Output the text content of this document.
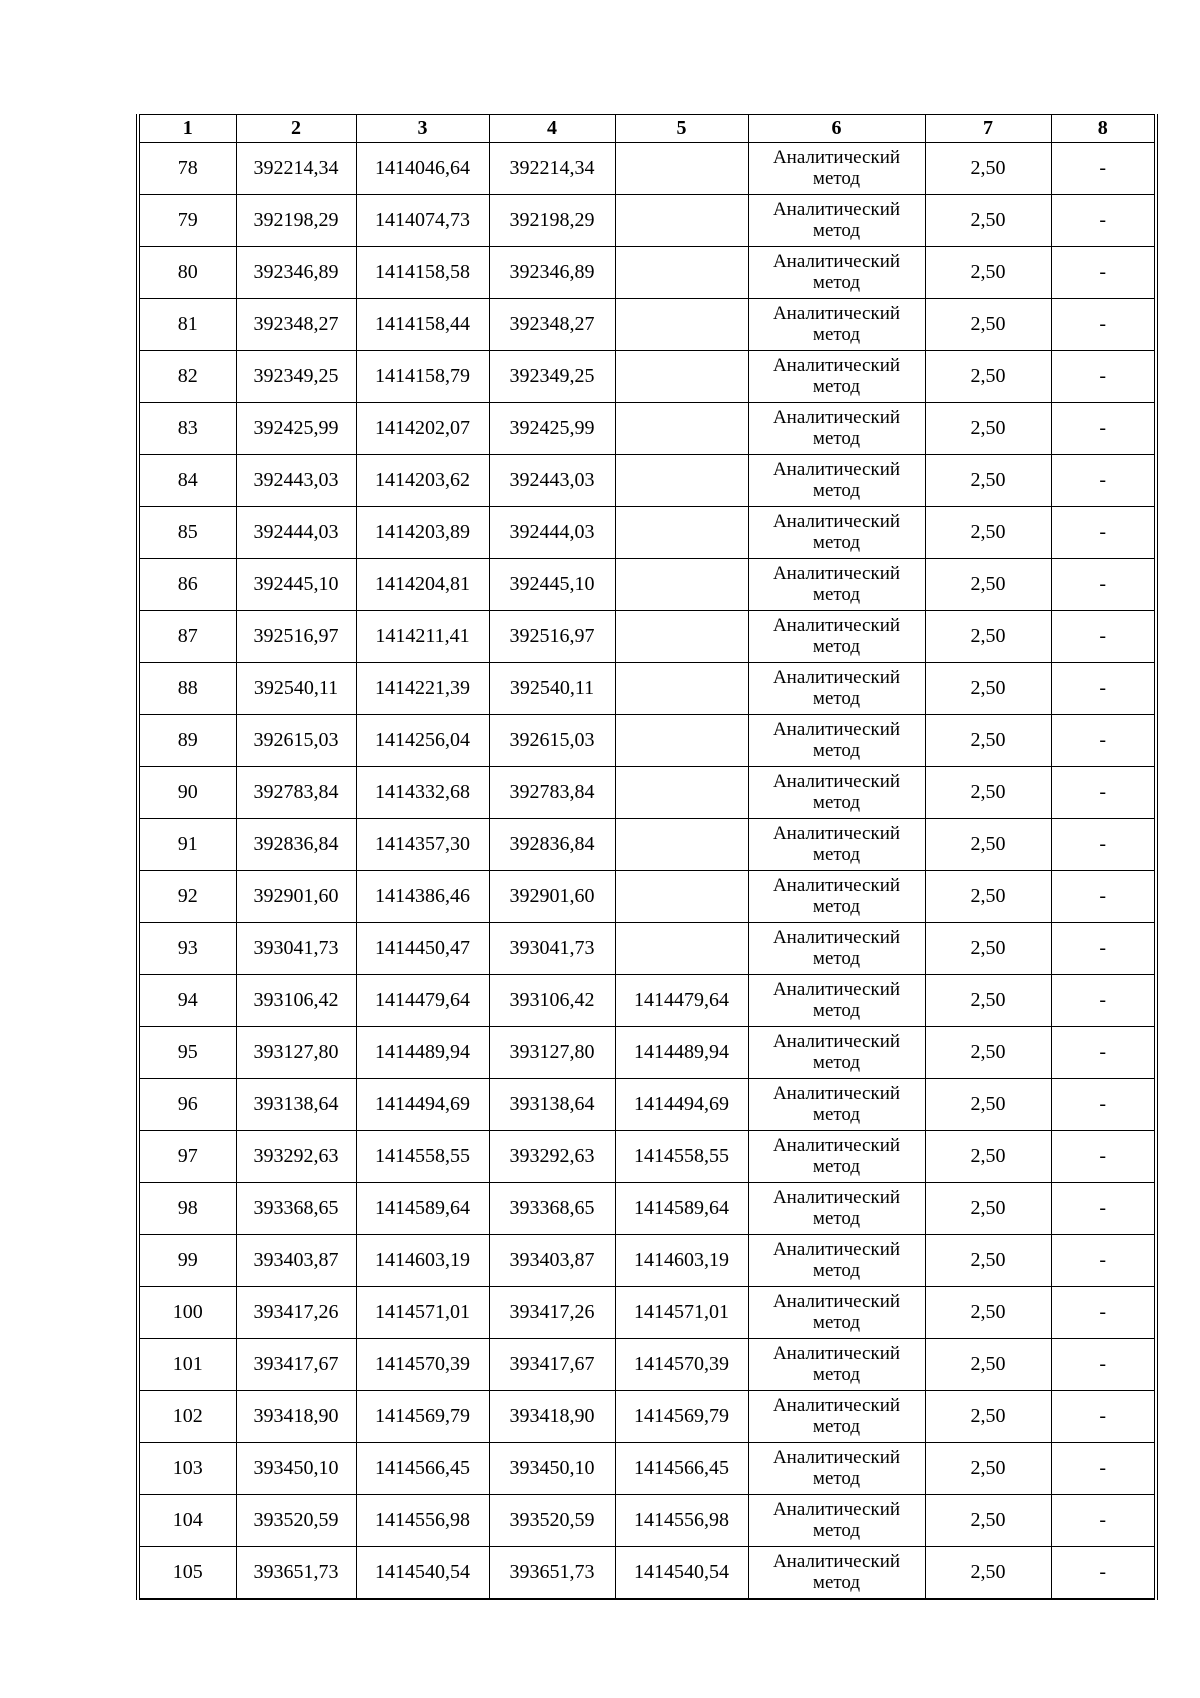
1	2	3	4	5	6	7	8
78	392214,34	1414046,64	392214,34		Аналитический метод	2,50	-
79	392198,29	1414074,73	392198,29		Аналитический метод	2,50	-
80	392346,89	1414158,58	392346,89		Аналитический метод	2,50	-
81	392348,27	1414158,44	392348,27		Аналитический метод	2,50	-
82	392349,25	1414158,79	392349,25		Аналитический метод	2,50	-
83	392425,99	1414202,07	392425,99		Аналитический метод	2,50	-
84	392443,03	1414203,62	392443,03		Аналитический метод	2,50	-
85	392444,03	1414203,89	392444,03		Аналитический метод	2,50	-
86	392445,10	1414204,81	392445,10		Аналитический метод	2,50	-
87	392516,97	1414211,41	392516,97		Аналитический метод	2,50	-
88	392540,11	1414221,39	392540,11		Аналитический метод	2,50	-
89	392615,03	1414256,04	392615,03		Аналитический метод	2,50	-
90	392783,84	1414332,68	392783,84		Аналитический метод	2,50	-
91	392836,84	1414357,30	392836,84		Аналитический метод	2,50	-
92	392901,60	1414386,46	392901,60		Аналитический метод	2,50	-
93	393041,73	1414450,47	393041,73		Аналитический метод	2,50	-
94	393106,42	1414479,64	393106,42	1414479,64	Аналитический метод	2,50	-
95	393127,80	1414489,94	393127,80	1414489,94	Аналитический метод	2,50	-
96	393138,64	1414494,69	393138,64	1414494,69	Аналитический метод	2,50	-
97	393292,63	1414558,55	393292,63	1414558,55	Аналитический метод	2,50	-
98	393368,65	1414589,64	393368,65	1414589,64	Аналитический метод	2,50	-
99	393403,87	1414603,19	393403,87	1414603,19	Аналитический метод	2,50	-
100	393417,26	1414571,01	393417,26	1414571,01	Аналитический метод	2,50	-
101	393417,67	1414570,39	393417,67	1414570,39	Аналитический метод	2,50	-
102	393418,90	1414569,79	393418,90	1414569,79	Аналитический метод	2,50	-
103	393450,10	1414566,45	393450,10	1414566,45	Аналитический метод	2,50	-
104	393520,59	1414556,98	393520,59	1414556,98	Аналитический метод	2,50	-
105	393651,73	1414540,54	393651,73	1414540,54	Аналитический метод	2,50	-
